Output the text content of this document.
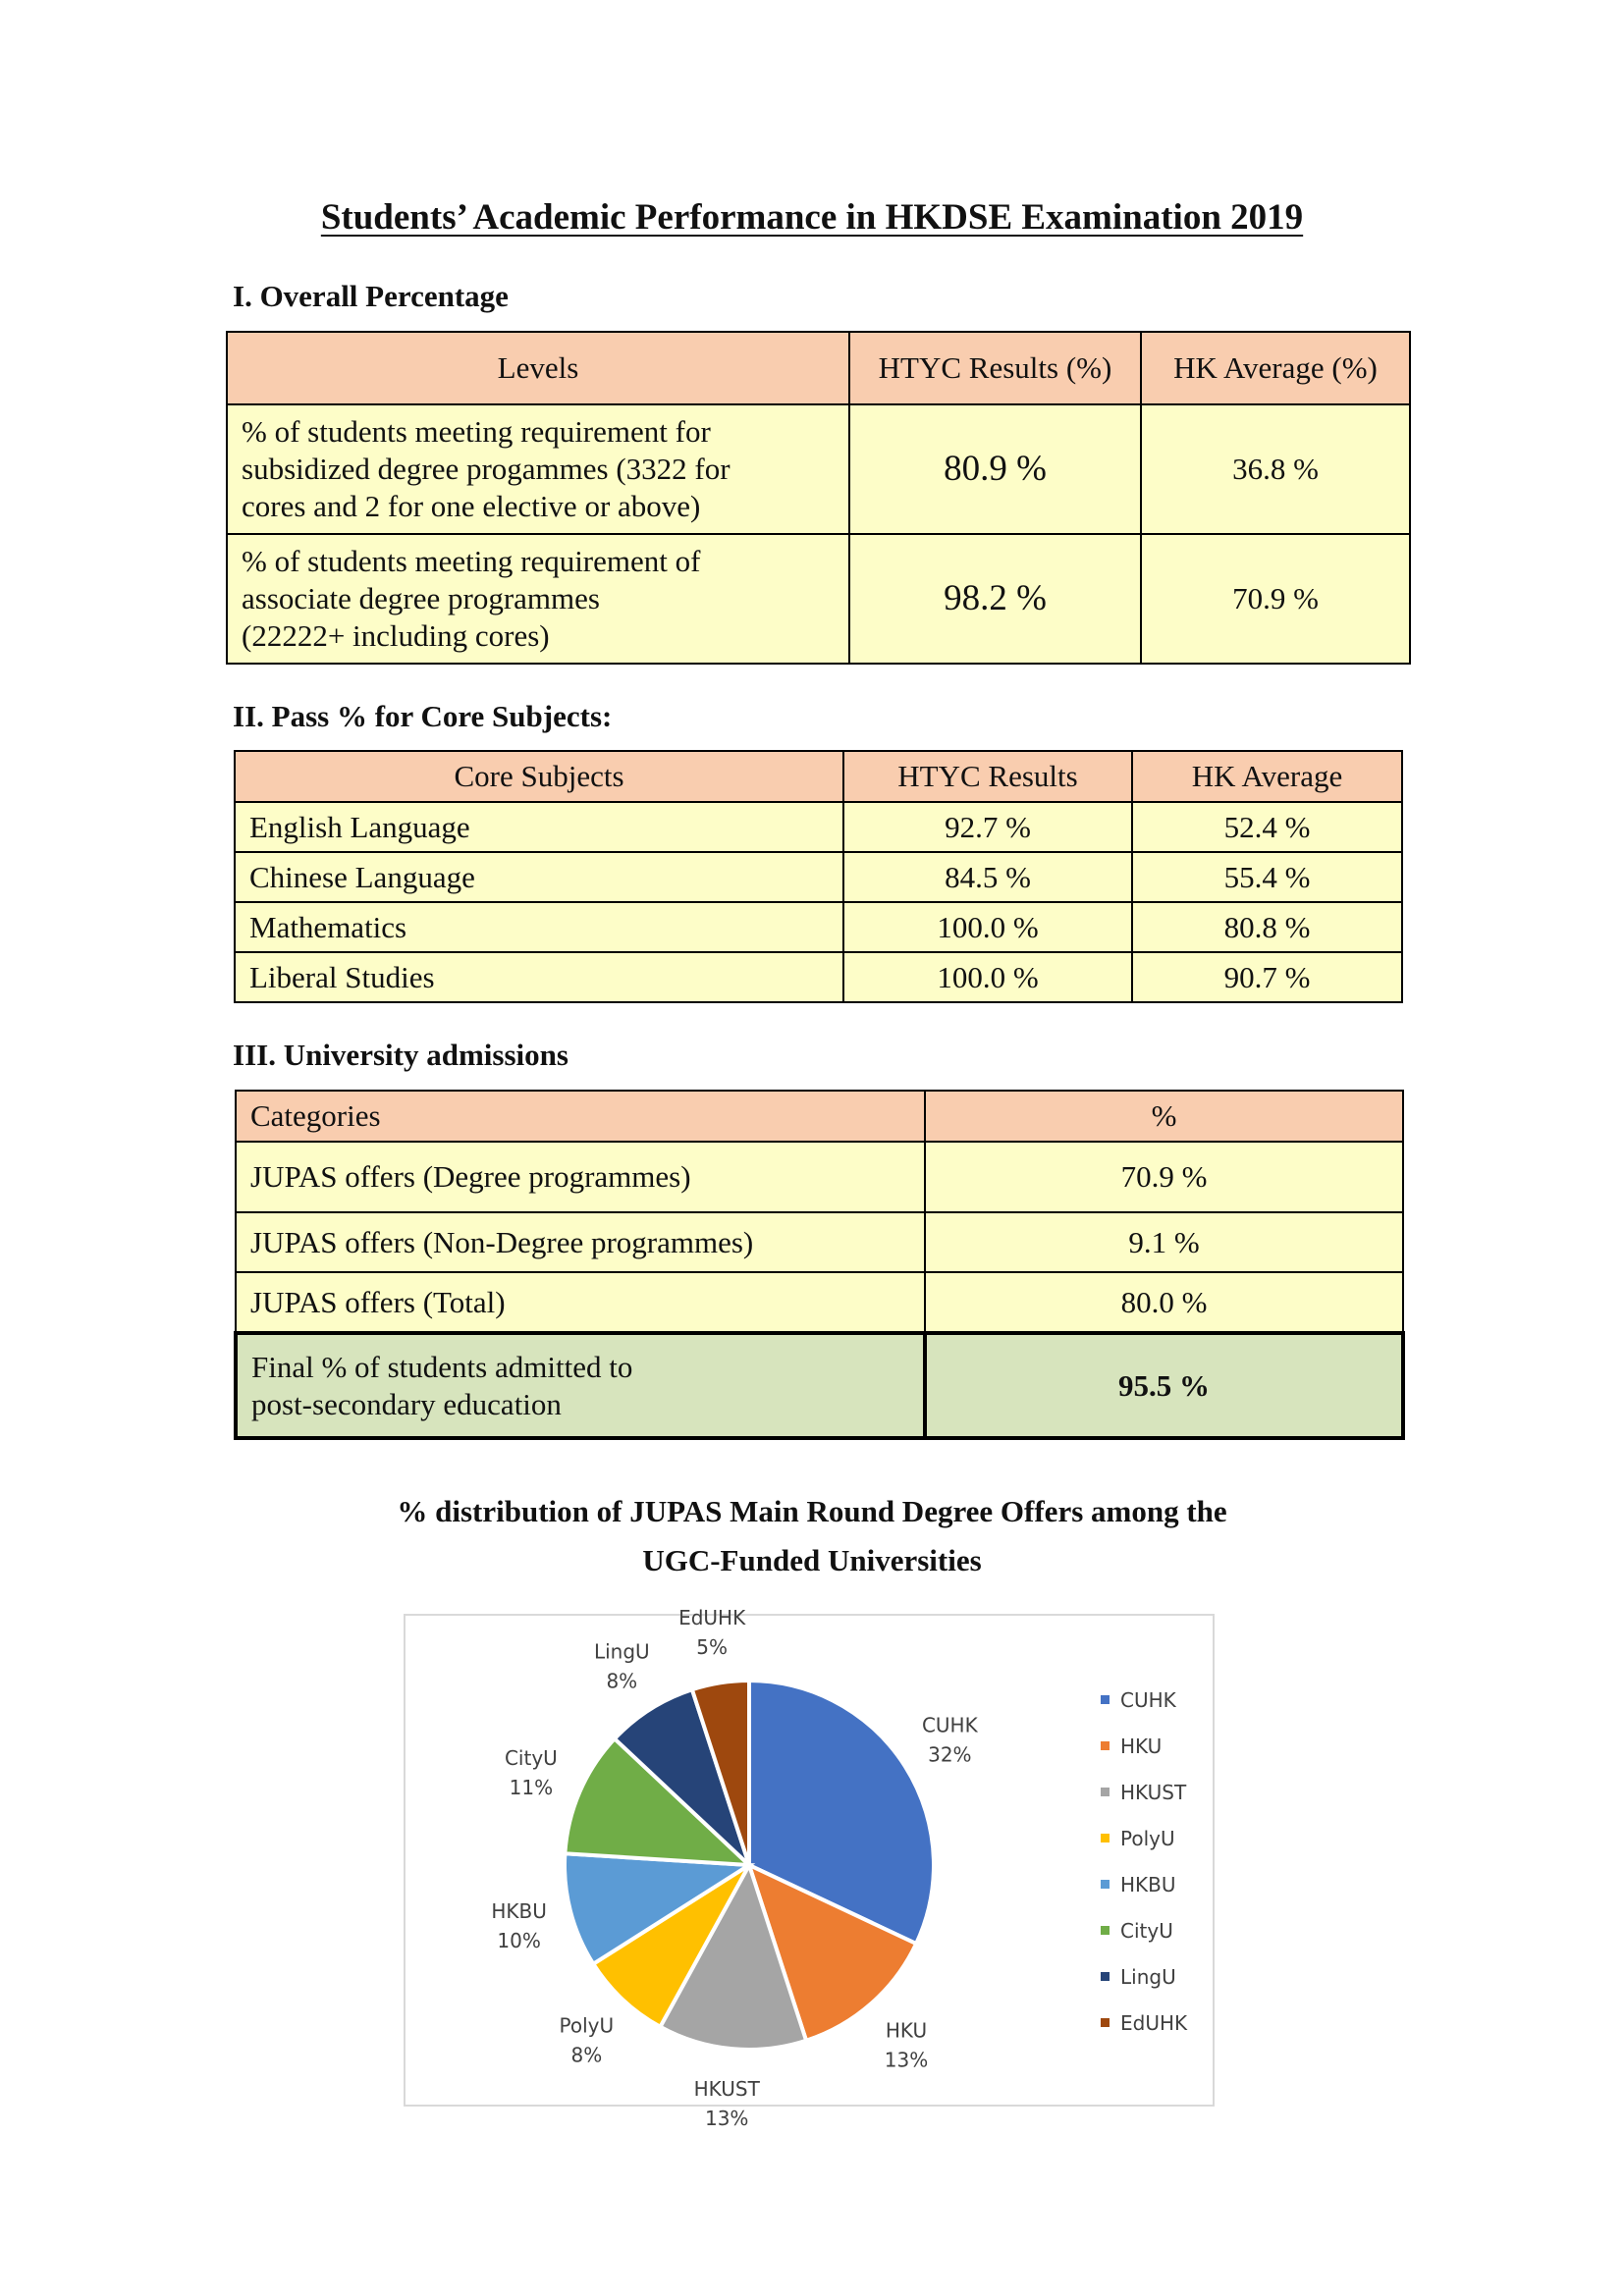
Students’ Academic Performance in HKDSE Examination 2019
I. Overall Percentage
Levels	HTYC Results (%)	HK Average (%)

% of students meeting requirement for
subsidized degree progammes (3322 for
cores and 2 for one elective or above)	80.9 %	36.8 %

% of students meeting requirement of
associate degree programmes
(22222+ including cores)	98.2 %	70.9 %
II. Pass % for Core Subjects:
Core Subjects	HTYC Results	HK Average
English Language	92.7 %	52.4 %
Chinese Language	84.5 %	55.4 %
Mathematics	100.0 %	80.8 %
Liberal Studies	100.0 %	90.7 %
III. University admissions
Categories	%
JUPAS offers (Degree programmes)	70.9 %
JUPAS offers (Non-Degree programmes)	9.1 %
JUPAS offers (Total)	80.0 %

Final % of students admitted to
post-secondary education	95.5 %
% distribution of JUPAS Main Round Degree Offers among the
UGC-Funded Universities
CUHK 32%
HKU 13%
HKUST 13%
PolyU 8%
HKBU 10%
CityU 11%
LingU 8%
EdUHK 5%
CUHK
HKU
HKUST
PolyU
HKBU
CityU
LingU
EdUHK
